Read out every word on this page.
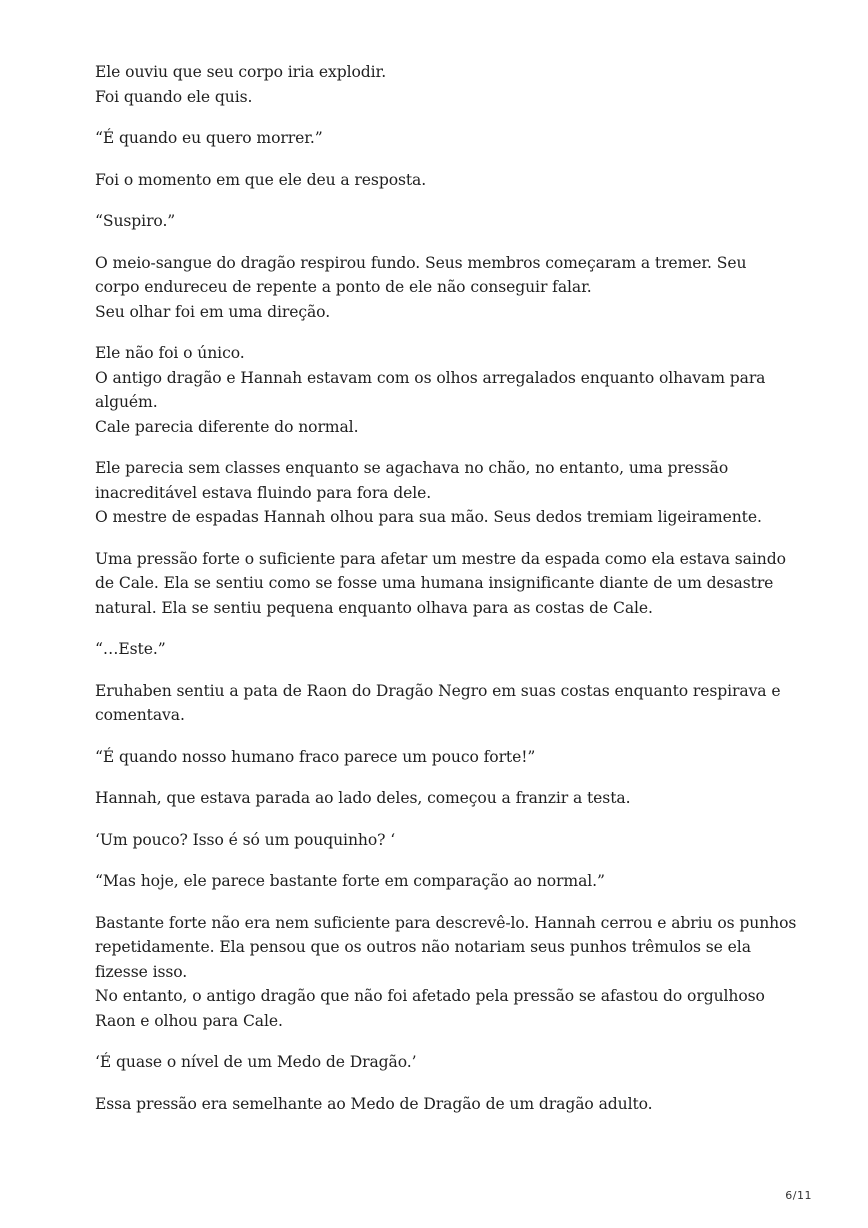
Ele ouviu que seu corpo iria explodir.
Foi quando ele quis.

“É quando eu quero morrer.”

Foi o momento em que ele deu a resposta.

“Suspiro.”

O meio-sangue do dragão respirou fundo. Seus membros começaram a tremer. Seu
corpo endureceu de repente a ponto de ele não conseguir falar.
Seu olhar foi em uma direção.

Ele não foi o único.
O antigo dragão e Hannah estavam com os olhos arregalados enquanto olhavam para
alguém.
Cale parecia diferente do normal.

Ele parecia sem classes enquanto se agachava no chão, no entanto, uma pressão
inacreditável estava fluindo para fora dele.
O mestre de espadas Hannah olhou para sua mão. Seus dedos tremiam ligeiramente.

Uma pressão forte o suficiente para afetar um mestre da espada como ela estava saindo
de Cale. Ela se sentiu como se fosse uma humana insignificante diante de um desastre
natural. Ela se sentiu pequena enquanto olhava para as costas de Cale.

“…Este.”

Eruhaben sentiu a pata de Raon do Dragão Negro em suas costas enquanto respirava e
comentava.

“É quando nosso humano fraco parece um pouco forte!”

Hannah, que estava parada ao lado deles, começou a franzir a testa.

‘Um pouco? Isso é só um pouquinho? ‘

“Mas hoje, ele parece bastante forte em comparação ao normal.”

Bastante forte não era nem suficiente para descrevê-lo. Hannah cerrou e abriu os punhos
repetidamente. Ela pensou que os outros não notariam seus punhos trêmulos se ela
fizesse isso.
No entanto, o antigo dragão que não foi afetado pela pressão se afastou do orgulhoso
Raon e olhou para Cale.

‘É quase o nível de um Medo de Dragão.’

Essa pressão era semelhante ao Medo de Dragão de um dragão adulto.

6/11
